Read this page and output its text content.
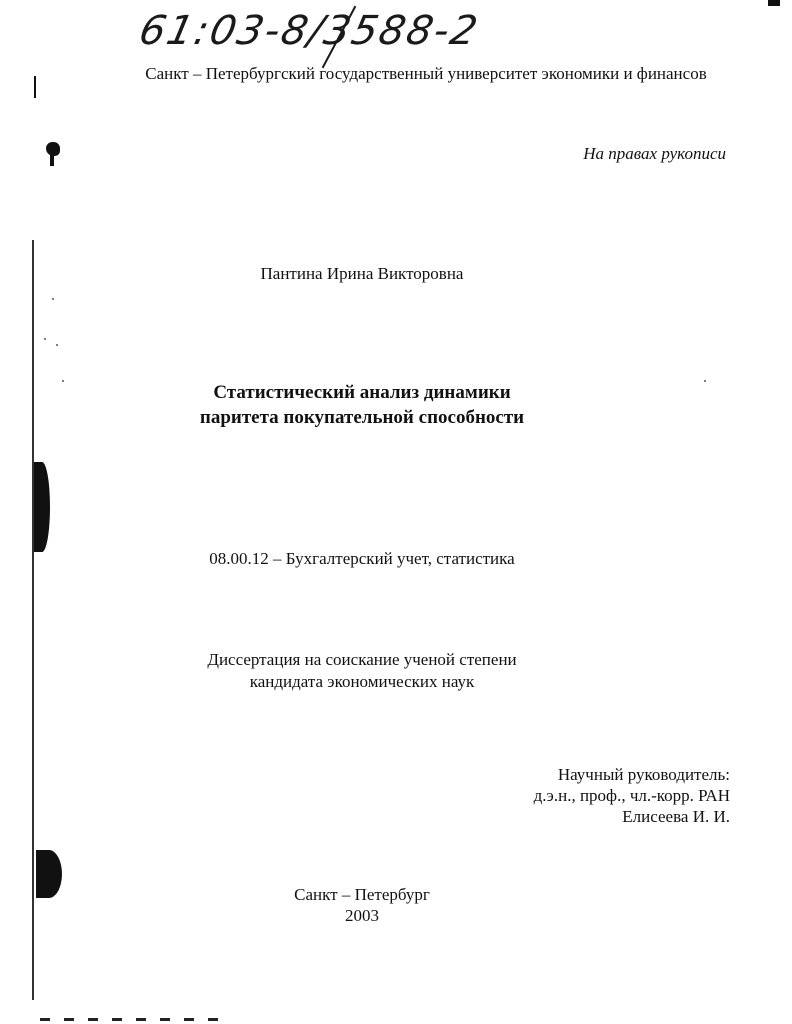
61:03-8/3588-2
Санкт – Петербургский государственный университет экономики и финансов
На правах рукописи
Пантина Ирина Викторовна
Статистический анализ динамики
паритета покупательной способности
08.00.12 – Бухгалтерский учет, статистика
Диссертация на соискание ученой степени
кандидата экономических наук
Научный руководитель:
д.э.н., проф., чл.-корр. РАН
Елисеева И. И.
Санкт – Петербург
2003
